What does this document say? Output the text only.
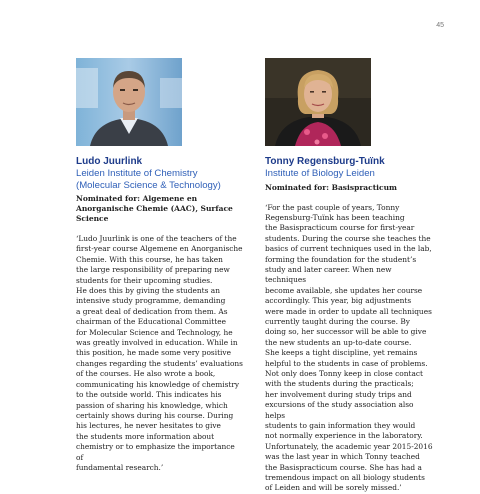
45
Ludo Juurlink
Leiden Institute of Chemistry
(Molecular Science & Technology)
Nominated for: Algemene en Anorganische Chemie (AAC), Surface Science
‘Ludo Juurlink is one of the teachers of the
first-year course Algemene en Anorganische
Chemie. With this course, he has taken
the large responsibility of preparing new
students for their upcoming studies.
He does this by giving the students an
intensive study programme, demanding
a great deal of dedication from them. As
chairman of the Educational Committee
for Molecular Science and Technology, he
was greatly involved in education. While in
this position, he made some very positive
changes regarding the students’ evaluations
of the courses. He also wrote a book,
communicating his knowledge of chemistry
to the outside world. This indicates his
passion of sharing his knowledge, which
certainly shows during his course. During
his lectures, he never hesitates to give
the students more information about
chemistry or to emphasize the importance of
fundamental research.’
Tonny Regensburg-Tuïnk
Institute of Biology Leiden
Nominated for: Basispracticum
‘For the past couple of years, Tonny
Regensburg-Tuïnk has been teaching
the Basispracticum course for first-year
students. During the course she teaches the
basics of current techniques used in the lab,
forming the foundation for the student’s
study and later career. When new techniques
become available, she updates her course
accordingly. This year, big adjustments
were made in order to update all techniques
currently taught during the course. By
doing so, her successor will be able to give
the new students an up-to-date course.
She keeps a tight discipline, yet remains
helpful to the students in case of problems.
Not only does Tonny keep in close contact
with the students during the practicals;
her involvement during study trips and
excursions of the study association also helps
students to gain information they would
not normally experience in the laboratory.
Unfortunately, the academic year 2015-2016
was the last year in which Tonny teached
the Basispracticum course. She has had a
tremendous impact on all biology students
of Leiden and will be sorely missed.’
